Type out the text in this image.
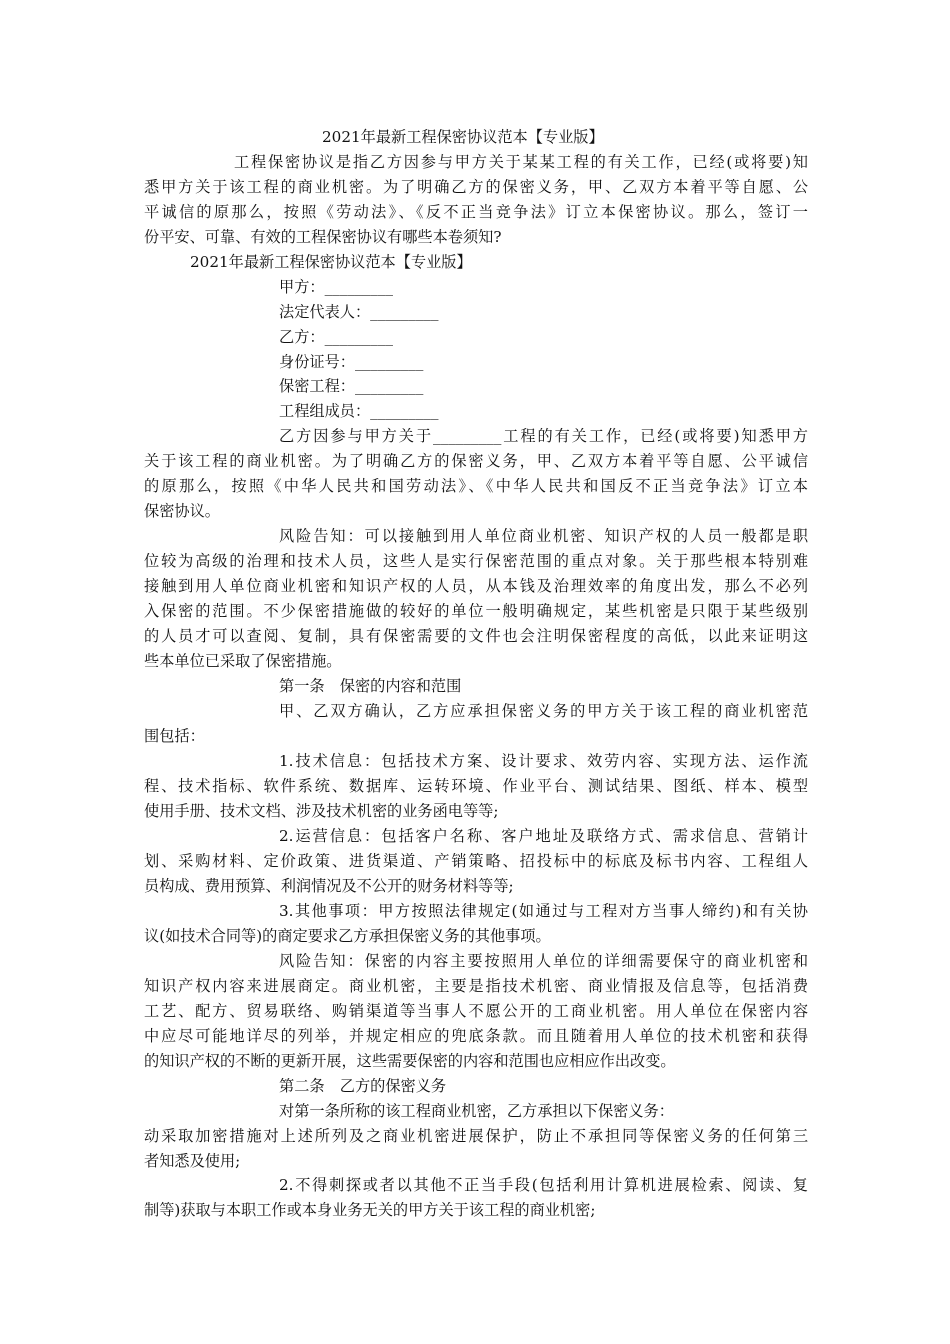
2021年最新工程保密协议范本【专业版】
工程保密协议是指乙方因参与甲方关于某某工程的有关工作，已经(或将要)知
悉甲方关于该工程的商业机密。为了明确乙方的保密义务，甲、乙双方本着平等自愿、公
平诚信的原那么，按照《劳动法》、《反不正当竞争法》订立本保密协议。那么，签订一
份平安、可靠、有效的工程保密协议有哪些本卷须知?
2021年最新工程保密协议范本【专业版】
甲方：_________
法定代表人：_________
乙方：_________
身份证号：_________
保密工程：_________
工程组成员：_________
乙方因参与甲方关于_________工程的有关工作，已经(或将要)知悉甲方
关于该工程的商业机密。为了明确乙方的保密义务，甲、乙双方本着平等自愿、公平诚信
的原那么，按照《中华人民共和国劳动法》、《中华人民共和国反不正当竞争法》订立本
保密协议。
风险告知：可以接触到用人单位商业机密、知识产权的人员一般都是职
位较为高级的治理和技术人员，这些人是实行保密范围的重点对象。关于那些根本特别难
接触到用人单位商业机密和知识产权的人员，从本钱及治理效率的角度出发，那么不必列
入保密的范围。不少保密措施做的较好的单位一般明确规定，某些机密是只限于某些级别
的人员才可以查阅、复制，具有保密需要的文件也会注明保密程度的高低，以此来证明这
些本单位已采取了保密措施。
第一条　保密的内容和范围
甲、乙双方确认，乙方应承担保密义务的甲方关于该工程的商业机密范
围包括：
1.技术信息：包括技术方案、设计要求、效劳内容、实现方法、运作流
程、技术指标、软件系统、数据库、运转环境、作业平台、测试结果、图纸、样本、模型
使用手册、技术文档、涉及技术机密的业务函电等等;
2.运营信息：包括客户名称、客户地址及联络方式、需求信息、营销计
划、采购材料、定价政策、进货渠道、产销策略、招投标中的标底及标书内容、工程组人
员构成、费用预算、利润情况及不公开的财务材料等等;
3.其他事项：甲方按照法律规定(如通过与工程对方当事人缔约)和有关协
议(如技术合同等)的商定要求乙方承担保密义务的其他事项。
风险告知：保密的内容主要按照用人单位的详细需要保守的商业机密和
知识产权内容来进展商定。商业机密，主要是指技术机密、商业情报及信息等，包括消费
工艺、配方、贸易联络、购销渠道等当事人不愿公开的工商业机密。用人单位在保密内容
中应尽可能地详尽的列举，并规定相应的兜底条款。而且随着用人单位的技术机密和获得
的知识产权的不断的更新开展，这些需要保密的内容和范围也应相应作出改变。
第二条　乙方的保密义务
对第一条所称的该工程商业机密，乙方承担以下保密义务：
动采取加密措施对上述所列及之商业机密进展保护，防止不承担同等保密义务的任何第三
者知悉及使用;
2.不得刺探或者以其他不正当手段(包括利用计算机进展检索、阅读、复
制等)获取与本职工作或本身业务无关的甲方关于该工程的商业机密;
